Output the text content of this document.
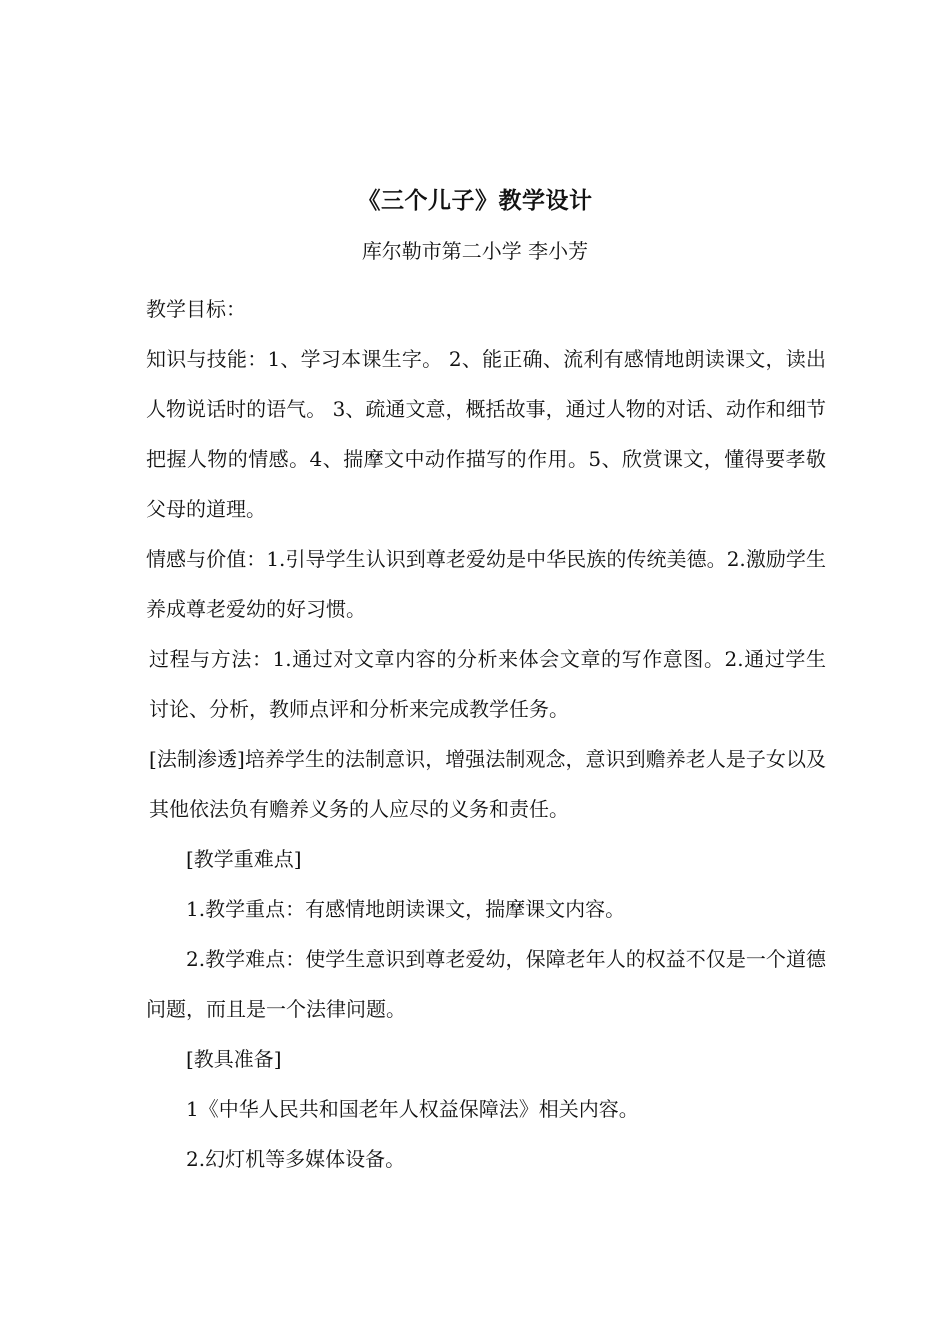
《三个儿子》教学设计
库尔勒市第二小学 李小芳

教学目标：

知识与技能：1、学习本课生字。 2、能正确、流利有感情地朗读课文，读出人物说话时的语气。 3、疏通文意，概括故事，通过人物的对话、动作和细节把握人物的情感。4、揣摩文中动作描写的作用。5、欣赏课文，懂得要孝敬父母的道理。

情感与价值：1.引导学生认识到尊老爱幼是中华民族的传统美德。2.激励学生养成尊老爱幼的好习惯。

过程与方法：1.通过对文章内容的分析来体会文章的写作意图。2.通过学生讨论、分析，教师点评和分析来完成教学任务。

[法制渗透]培养学生的法制意识，增强法制观念，意识到赡养老人是子女以及其他依法负有赡养义务的人应尽的义务和责任。

[教学重难点]

1.教学重点：有感情地朗读课文，揣摩课文内容。

2.教学难点：使学生意识到尊老爱幼，保障老年人的权益不仅是一个道德问题，而且是一个法律问题。

[教具准备]

1《中华人民共和国老年人权益保障法》相关内容。

2.幻灯机等多媒体设备。
